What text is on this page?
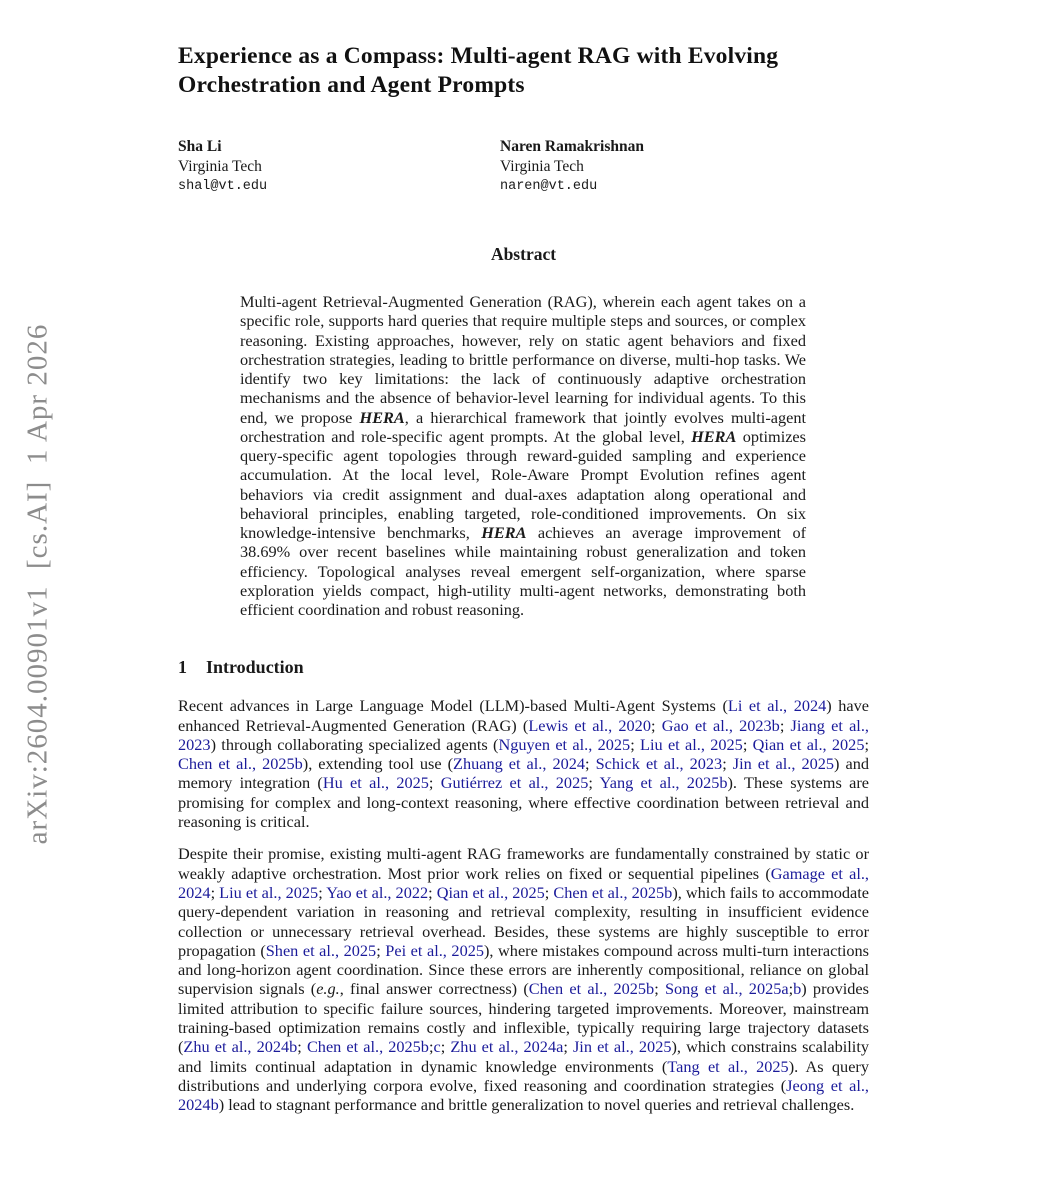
arXiv:2604.00901v1  [cs.AI]  1 Apr 2026
Experience as a Compass: Multi-agent RAG with Evolving
Orchestration and Agent Prompts
Sha Li
Virginia Tech
shal@vt.edu
Naren Ramakrishnan
Virginia Tech
naren@vt.edu
Abstract
Multi-agent Retrieval-Augmented Generation (RAG), wherein each agent takes on a specific role, supports hard queries that require multiple steps and sources, or complex reasoning. Existing approaches, however, rely on static agent behaviors and fixed orchestration strategies, leading to brittle performance on diverse, multi-hop tasks. We identify two key limitations: the lack of continuously adaptive orchestration mechanisms and the absence of behavior-level learning for individual agents. To this end, we propose HERA, a hierarchical framework that jointly evolves multi-agent orchestration and role-specific agent prompts. At the global level, HERA optimizes query-specific agent topologies through reward-guided sampling and experience accumulation. At the local level, Role-Aware Prompt Evolution refines agent behaviors via credit assignment and dual-axes adaptation along operational and behavioral principles, enabling targeted, role-conditioned improvements. On six knowledge-intensive benchmarks, HERA achieves an average improvement of 38.69% over recent baselines while maintaining robust generalization and token efficiency. Topological analyses reveal emergent self-organization, where sparse exploration yields compact, high-utility multi-agent networks, demonstrating both efficient coordination and robust reasoning.
1 Introduction

Recent advances in Large Language Model (LLM)-based Multi-Agent Systems (Li et al., 2024) have enhanced Retrieval-Augmented Generation (RAG) (Lewis et al., 2020; Gao et al., 2023b; Jiang et al., 2023) through collaborating specialized agents (Nguyen et al., 2025; Liu et al., 2025; Qian et al., 2025; Chen et al., 2025b), extending tool use (Zhuang et al., 2024; Schick et al., 2023; Jin et al., 2025) and memory integration (Hu et al., 2025; Gutiérrez et al., 2025; Yang et al., 2025b). These systems are promising for complex and long-context reasoning, where effective coordination between retrieval and reasoning is critical.

Despite their promise, existing multi-agent RAG frameworks are fundamentally constrained by static or weakly adaptive orchestration. Most prior work relies on fixed or sequential pipelines (Gamage et al., 2024; Liu et al., 2025; Yao et al., 2022; Qian et al., 2025; Chen et al., 2025b), which fails to accommodate query-dependent variation in reasoning and retrieval complexity, resulting in insufficient evidence collection or unnecessary retrieval overhead. Besides, these systems are highly susceptible to error propagation (Shen et al., 2025; Pei et al., 2025), where mistakes compound across multi-turn interactions and long-horizon agent coordination. Since these errors are inherently compositional, reliance on global supervision signals (e.g., final answer correctness) (Chen et al., 2025b; Song et al., 2025a;b) provides limited attribution to specific failure sources, hindering targeted improvements. Moreover, mainstream training-based optimization remains costly and inflexible, typically requiring large trajectory datasets (Zhu et al., 2024b; Chen et al., 2025b;c; Zhu et al., 2024a; Jin et al., 2025), which constrains scalability and limits continual adaptation in dynamic knowledge environments (Tang et al., 2025). As query distributions and underlying corpora evolve, fixed reasoning and coordination strategies (Jeong et al., 2024b) lead to stagnant performance and brittle generalization to novel queries and retrieval challenges.
